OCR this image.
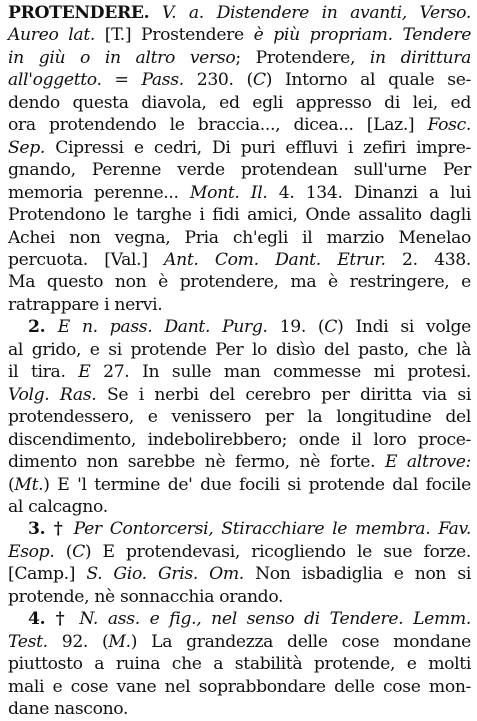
PROTENDERE. V. a. Distendere in avanti, Verso.
Aureo lat. [T.] Prostendere è più propriam. Tendere
in giù o in altro verso; Protendere, in dirittura
all'oggetto. = Pass. 230. (C) Intorno al quale se-
dendo questa diavola, ed egli appresso di lei, ed
ora protendendo le braccia..., dicea... [Laz.] Fosc.
Sep. Cipressi e cedri, Di puri effluvi i zefiri impre-
gnando, Perenne verde protendean sull'urne Per
memoria perenne... Mont. Il. 4. 134. Dinanzi a lui
Protendono le targhe i fidi amici, Onde assalito dagli
Achei non vegna, Pria ch'egli il marzio Menelao
percuota. [Val.] Ant. Com. Dant. Etrur. 2. 438.
Ma questo non è protendere, ma è restringere, e
ratrappare i nervi.
2. E n. pass. Dant. Purg. 19. (C) Indi si volge
al grido, e si protende Per lo disìo del pasto, che là
il tira. E 27. In sulle man commesse mi protesi.
Volg. Ras. Se i nerbi del cerebro per diritta via si
protendessero, e venissero per la longitudine del
discendimento, indebolirebbero; onde il loro proce-
dimento non sarebbe nè fermo, nè forte. E altrove:
(Mt.) E 'l termine de' due focili si protende dal focile
al calcagno.
3. † Per Contorcersi, Stiracchiare le membra. Fav.
Esop. (C) E protendevasi, ricogliendo le sue forze.
[Camp.] S. Gio. Gris. Om. Non isbadiglia e non si
protende, nè sonnacchia orando.
4. † N. ass. e fig., nel senso di Tendere. Lemm.
Test. 92. (M.) La grandezza delle cose mondane
piuttosto a ruina che a stabilità protende, e molti
mali e cose vane nel soprabbondare delle cose mon-
dane nascono.
